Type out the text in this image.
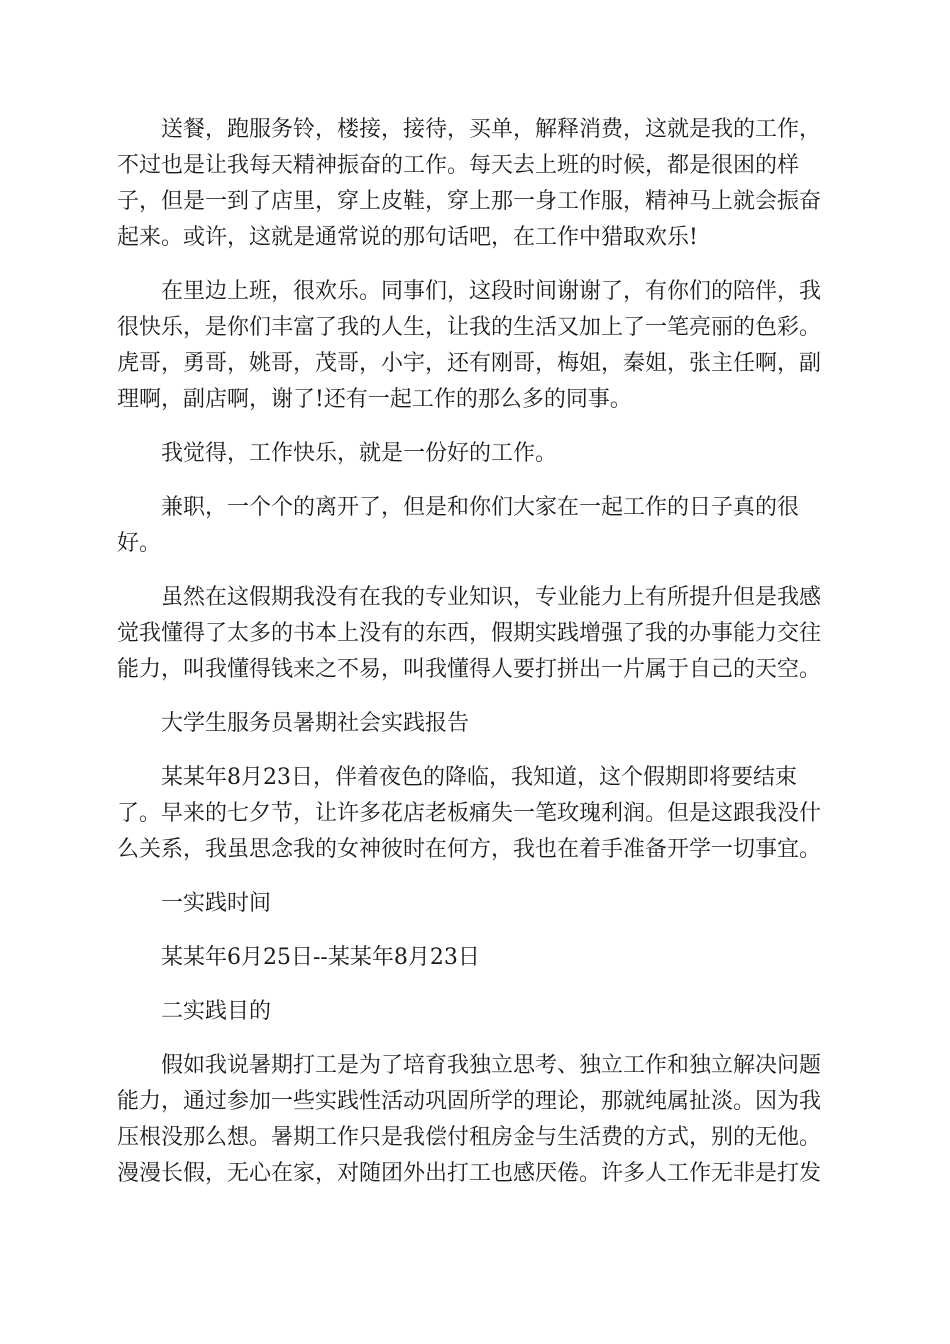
送餐，跑服务铃，楼接，接待，买单，解释消费，这就是我的工作，
不过也是让我每天精神振奋的工作。每天去上班的时候，都是很困的样
子，但是一到了店里，穿上皮鞋，穿上那一身工作服，精神马上就会振奋
起来。或许，这就是通常说的那句话吧，在工作中猎取欢乐!

在里边上班，很欢乐。同事们，这段时间谢谢了，有你们的陪伴，我
很快乐，是你们丰富了我的人生，让我的生活又加上了一笔亮丽的色彩。
虎哥，勇哥，姚哥，茂哥，小宇，还有刚哥，梅姐，秦姐，张主任啊，副
理啊，副店啊，谢了!还有一起工作的那么多的同事。

我觉得，工作快乐，就是一份好的工作。

兼职，一个个的离开了，但是和你们大家在一起工作的日子真的很
好。

虽然在这假期我没有在我的专业知识，专业能力上有所提升但是我感
觉我懂得了太多的书本上没有的东西，假期实践增强了我的办事能力交往
能力，叫我懂得钱来之不易，叫我懂得人要打拼出一片属于自己的天空。

大学生服务员暑期社会实践报告

某某年8月23日，伴着夜色的降临，我知道，这个假期即将要结束
了。早来的七夕节，让许多花店老板痛失一笔玫瑰利润。但是这跟我没什
么关系，我虽思念我的女神彼时在何方，我也在着手准备开学一切事宜。

一实践时间

某某年6月25日--某某年8月23日

二实践目的

假如我说暑期打工是为了培育我独立思考、独立工作和独立解决问题
能力，通过参加一些实践性活动巩固所学的理论，那就纯属扯淡。因为我
压根没那么想。暑期工作只是我偿付租房金与生活费的方式，别的无他。
漫漫长假，无心在家，对随团外出打工也感厌倦。许多人工作无非是打发
